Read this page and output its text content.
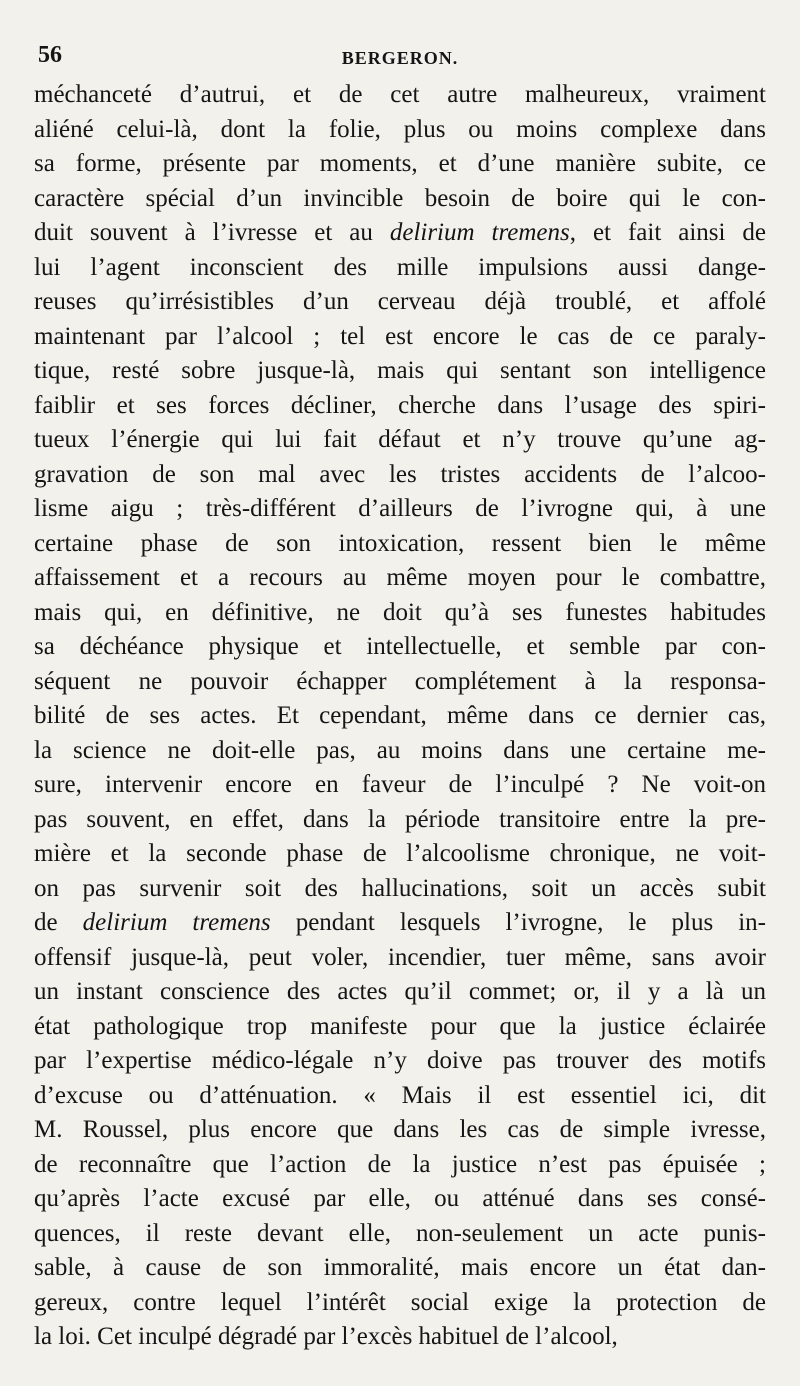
56	BERGERON.
méchanceté d’autrui, et de cet autre malheureux, vraiment
aliéné celui-là, dont la folie, plus ou moins complexe dans
sa forme, présente par moments, et d’une manière subite, ce
caractère spécial d’un invincible besoin de boire qui le con-
duit souvent à l’ivresse et au delirium tremens, et fait ainsi de
lui l’agent inconscient des mille impulsions aussi dange-
reuses qu’irrésistibles d’un cerveau déjà troublé, et affolé
maintenant par l’alcool ; tel est encore le cas de ce paraly-
tique, resté sobre jusque-là, mais qui sentant son intelligence
faiblir et ses forces décliner, cherche dans l’usage des spiri-
tueux l’énergie qui lui fait défaut et n’y trouve qu’une ag-
gravation de son mal avec les tristes accidents de l’alcoo-
lisme aigu ; très-différent d’ailleurs de l’ivrogne qui, à une
certaine phase de son intoxication, ressent bien le même
affaissement et a recours au même moyen pour le combattre,
mais qui, en définitive, ne doit qu’à ses funestes habitudes
sa déchéance physique et intellectuelle, et semble par con-
séquent ne pouvoir échapper complétement à la responsa-
bilité de ses actes. Et cependant, même dans ce dernier cas,
la science ne doit-elle pas, au moins dans une certaine me-
sure, intervenir encore en faveur de l’inculpé ? Ne voit-on
pas souvent, en effet, dans la période transitoire entre la pre-
mière et la seconde phase de l’alcoolisme chronique, ne voit-
on pas survenir soit des hallucinations, soit un accès subit
de delirium tremens pendant lesquels l’ivrogne, le plus in-
offensif jusque-là, peut voler, incendier, tuer même, sans avoir
un instant conscience des actes qu’il commet; or, il y a là un
état pathologique trop manifeste pour que la justice éclairée
par l’expertise médico-légale n’y doive pas trouver des motifs
d’excuse ou d’atténuation. « Mais il est essentiel ici, dit
M. Roussel, plus encore que dans les cas de simple ivresse,
de reconnaître que l’action de la justice n’est pas épuisée ;
qu’après l’acte excusé par elle, ou atténué dans ses consé-
quences, il reste devant elle, non-seulement un acte punis-
sable, à cause de son immoralité, mais encore un état dan-
gereux, contre lequel l’intérêt social exige la protection de
la loi. Cet inculpé dégradé par l’excès habituel de l’alcool,
